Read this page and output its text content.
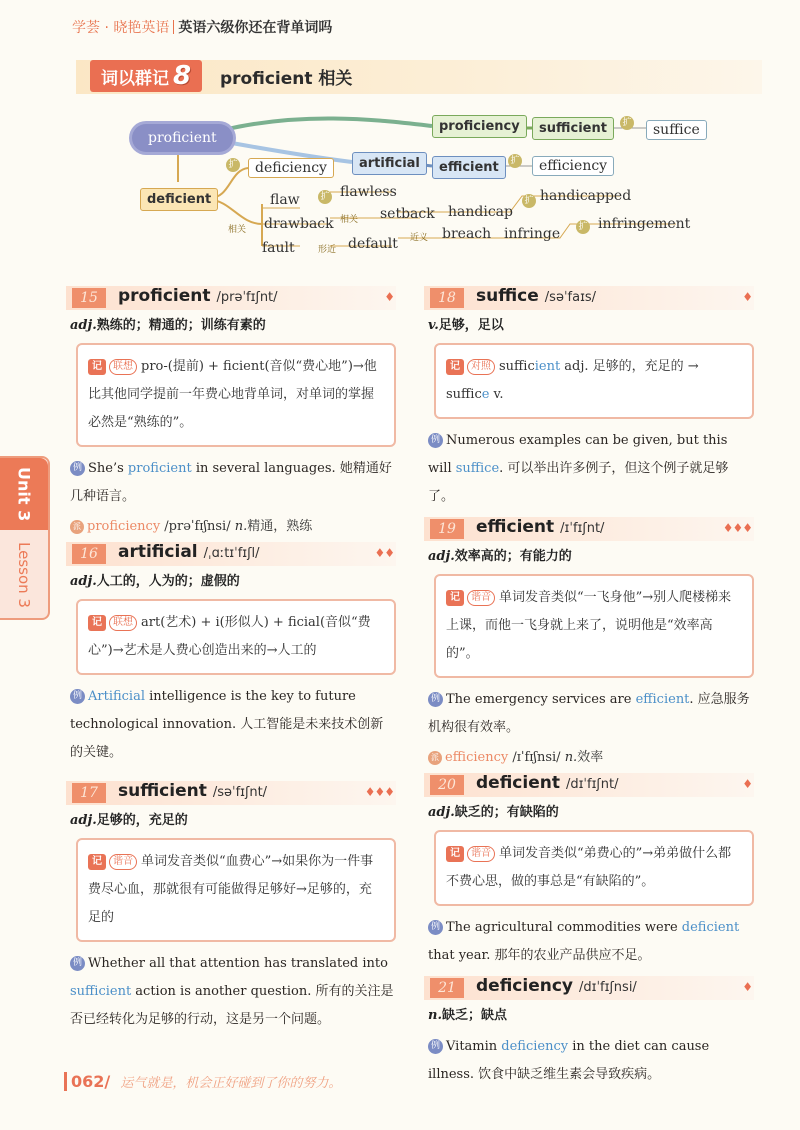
学荟 · 晓艳英语 英语六级你还在背单词吗
词以群记 8 proficient 相关
proficient
deficient
deficiency
proficiency	sufficient	suffice
artificial	efficient	efficiency
flaw	flawless
drawback
setback handicap
handicapped
fault	default
breach infringe
infringement
扩
扩
扩
扩	扩
扩
相关
相关
形近
近义
Unit 3
Lesson 3
15	proficient /prəˈfɪʃnt/	♦
adj.熟练的；精通的；训练有素的
记 联想 pro-(提前) + ficient(音似“费心地”)→他比其他同学提前一年费心地背单词，对单词的掌握必然是“熟练的”。
例 She’s proficient in several languages. 她精通好几种语言。
派 proficiency /prəˈfɪʃnsi/ n.精通，熟练
16	artificial /ˌɑːtɪˈfɪʃl/	♦♦
adj.人工的，人为的；虚假的
记 联想 art(艺术) + i(形似人) + ficial(音似“费心”)→艺术是人费心创造出来的→人工的
例 Artificial intelligence is the key to future technological innovation. 人工智能是未来技术创新的关键。
17	sufficient /səˈfɪʃnt/	♦♦♦
adj.足够的，充足的
记 谐音 单词发音类似“血费心”→如果你为一件事费尽心血，那就很有可能做得足够好→足够的，充足的
例 Whether all that attention has translated into sufficient action is another question. 所有的关注是否已经转化为足够的行动，这是另一个问题。
18	suffice /səˈfaɪs/	♦
v.足够，足以
记 对照 sufficient adj. 足够的，充足的 → suffice v.
例 Numerous examples can be given, but this will suffice. 可以举出许多例子，但这个例子就足够了。
19	efficient /ɪˈfɪʃnt/	♦♦♦
adj.效率高的；有能力的
记 谐音 单词发音类似“一飞身他”→别人爬楼梯来上课，而他一飞身就上来了，说明他是“效率高的”。
例 The emergency services are efficient. 应急服务机构很有效率。
派 efficiency /ɪˈfɪʃnsi/ n.效率
20	deficient /dɪˈfɪʃnt/	♦
adj.缺乏的；有缺陷的
记 谐音 单词发音类似“弟费心的”→弟弟做什么都不费心思，做的事总是“有缺陷的”。
例 The agricultural commodities were deficient that year. 那年的农业产品供应不足。
21	deficiency /dɪˈfɪʃnsi/	♦
n.缺乏；缺点
例 Vitamin deficiency in the diet can cause illness. 饮食中缺乏维生素会导致疾病。
062/ 运气就是，机会正好碰到了你的努力。
